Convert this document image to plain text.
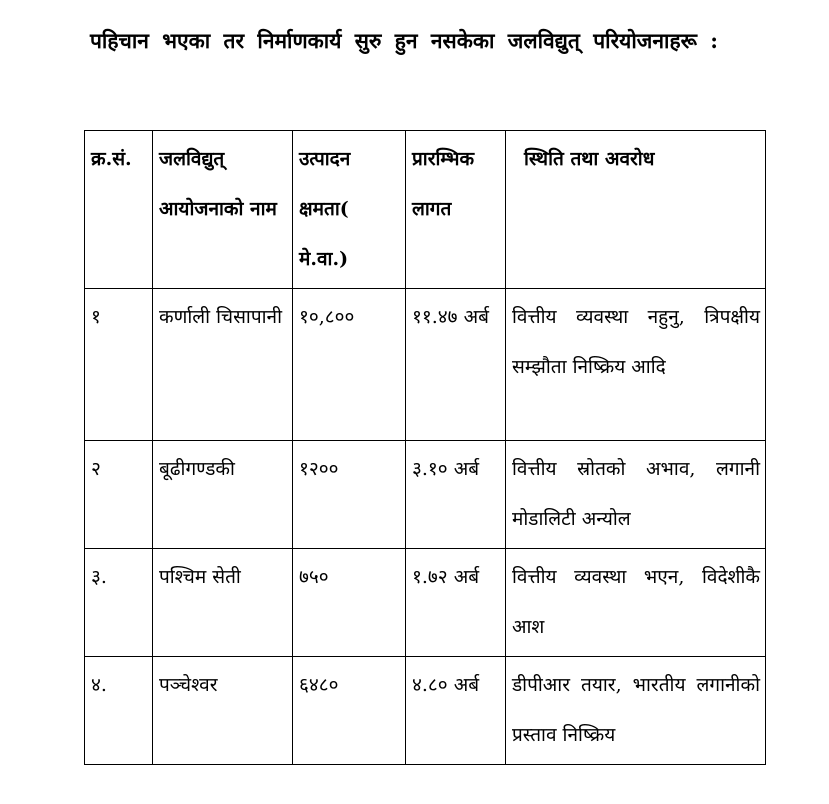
पहिचान भएका तर निर्माणकार्य सुरु हुन नसकेका जलविद्युत् परियोजनाहरू :
क्र.सं.	जलविद्युत् आयोजनाको नाम	उत्पादन क्षमता( मे.वा.)	प्रारम्भिक लागत	स्थिति तथा अवरोध
१	कर्णाली चिसापानी	१०,८००	११.४७ अर्ब	वित्तीय व्यवस्था नहुनु, त्रिपक्षीय सम्झौता निष्क्रिय आदि
२	बूढीगण्डकी	१२००	३.१० अर्ब	वित्तीय स्रोतको अभाव, लगानी मोडालिटी अन्योल
३.	पश्चिम सेती	७५०	१.७२ अर्ब	वित्तीय व्यवस्था भएन, विदेशीकै आश
४.	पञ्चेश्वर	६४८०	४.८० अर्ब	डीपीआर तयार, भारतीय लगानीको प्रस्ताव निष्क्रिय
